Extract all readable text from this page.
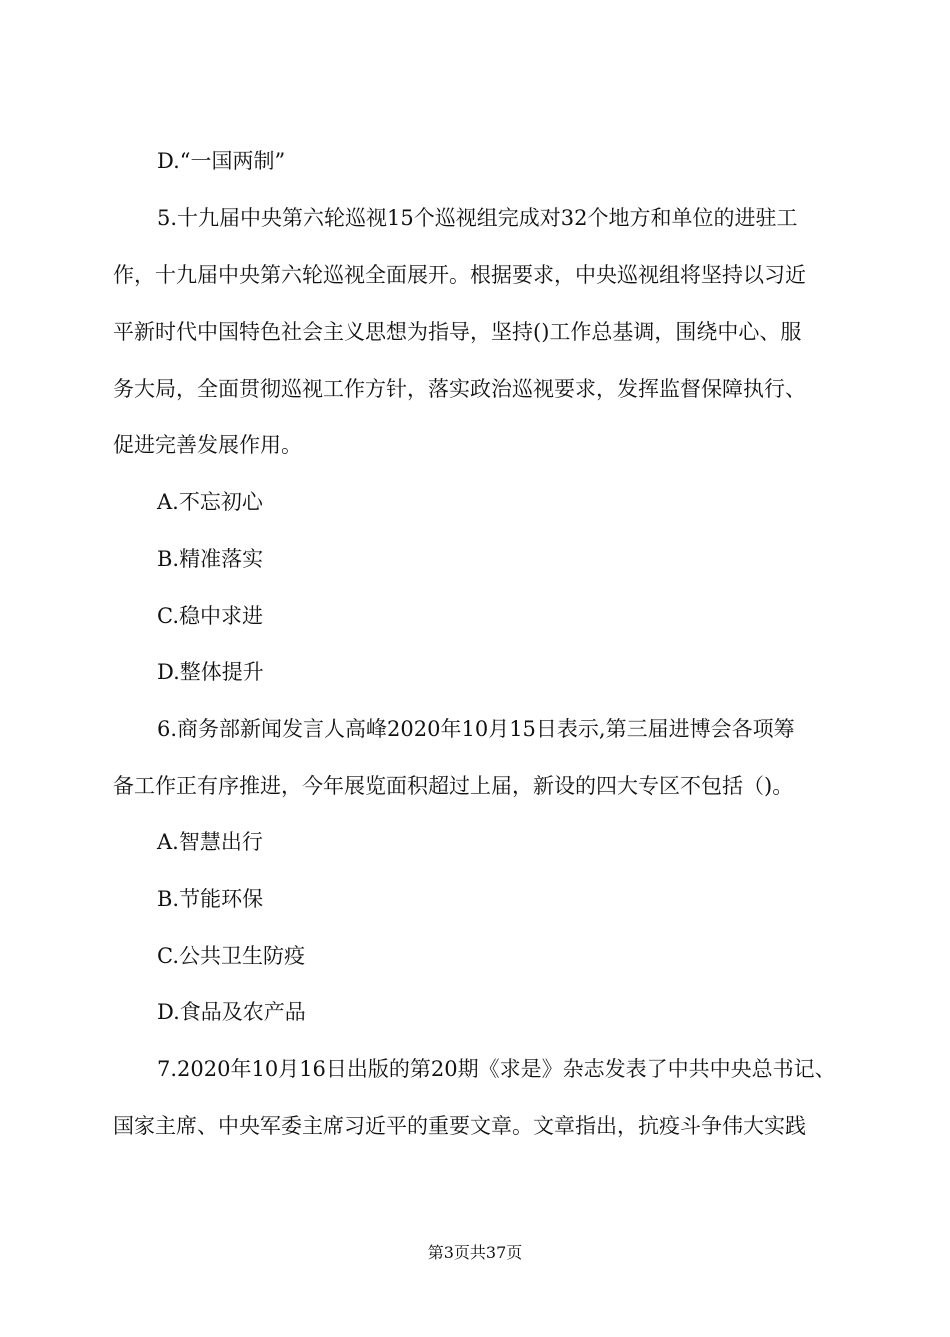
D.“一国两制”
5.十九届中央第六轮巡视15个巡视组完成对32个地方和单位的进驻工
作，十九届中央第六轮巡视全面展开。根据要求，中央巡视组将坚持以习近
平新时代中国特色社会主义思想为指导，坚持()工作总基调，围绕中心、服
务大局，全面贯彻巡视工作方针，落实政治巡视要求，发挥监督保障执行、
促进完善发展作用。
A.不忘初心
B.精准落实
C.稳中求进
D.整体提升
6.商务部新闻发言人高峰2020年10月15日表示,第三届进博会各项筹
备工作正有序推进，今年展览面积超过上届，新设的四大专区不包括（)。
A.智慧出行
B.节能环保
C.公共卫生防疫
D.食品及农产品
7.2020年10月16日出版的第20期《求是》杂志发表了中共中央总书记、
国家主席、中央军委主席习近平的重要文章。文章指出，抗疫斗争伟大实践
第3页共37页
